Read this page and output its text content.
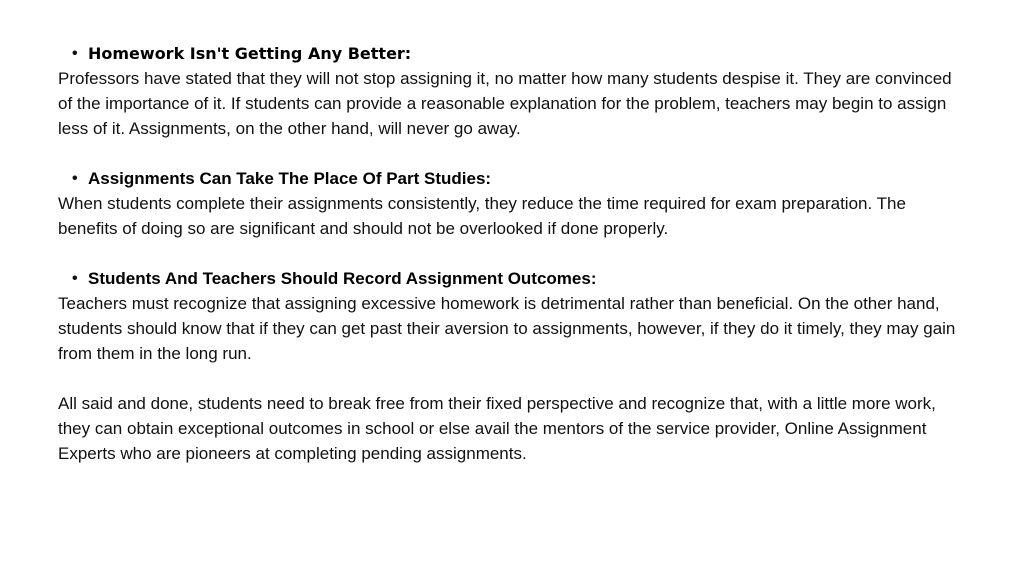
• Homework Isn't Getting Any Better:

Professors have stated that they will not stop assigning it, no matter how many students despise it. They are convinced of the importance of it. If students can provide a reasonable explanation for the problem, teachers may begin to assign less of it. Assignments, on the other hand, will never go away.

• Assignments Can Take The Place Of Part Studies:

When students complete their assignments consistently, they reduce the time required for exam preparation. The benefits of doing so are significant and should not be overlooked if done properly.

• Students And Teachers Should Record Assignment Outcomes:

Teachers must recognize that assigning excessive homework is detrimental rather than beneficial. On the other hand, students should know that if they can get past their aversion to assignments, however, if they do it timely, they may gain from them in the long run.

All said and done, students need to break free from their fixed perspective and recognize that, with a little more work, they can obtain exceptional outcomes in school or else avail the mentors of the service provider, Online Assignment Experts who are pioneers at completing pending assignments.
